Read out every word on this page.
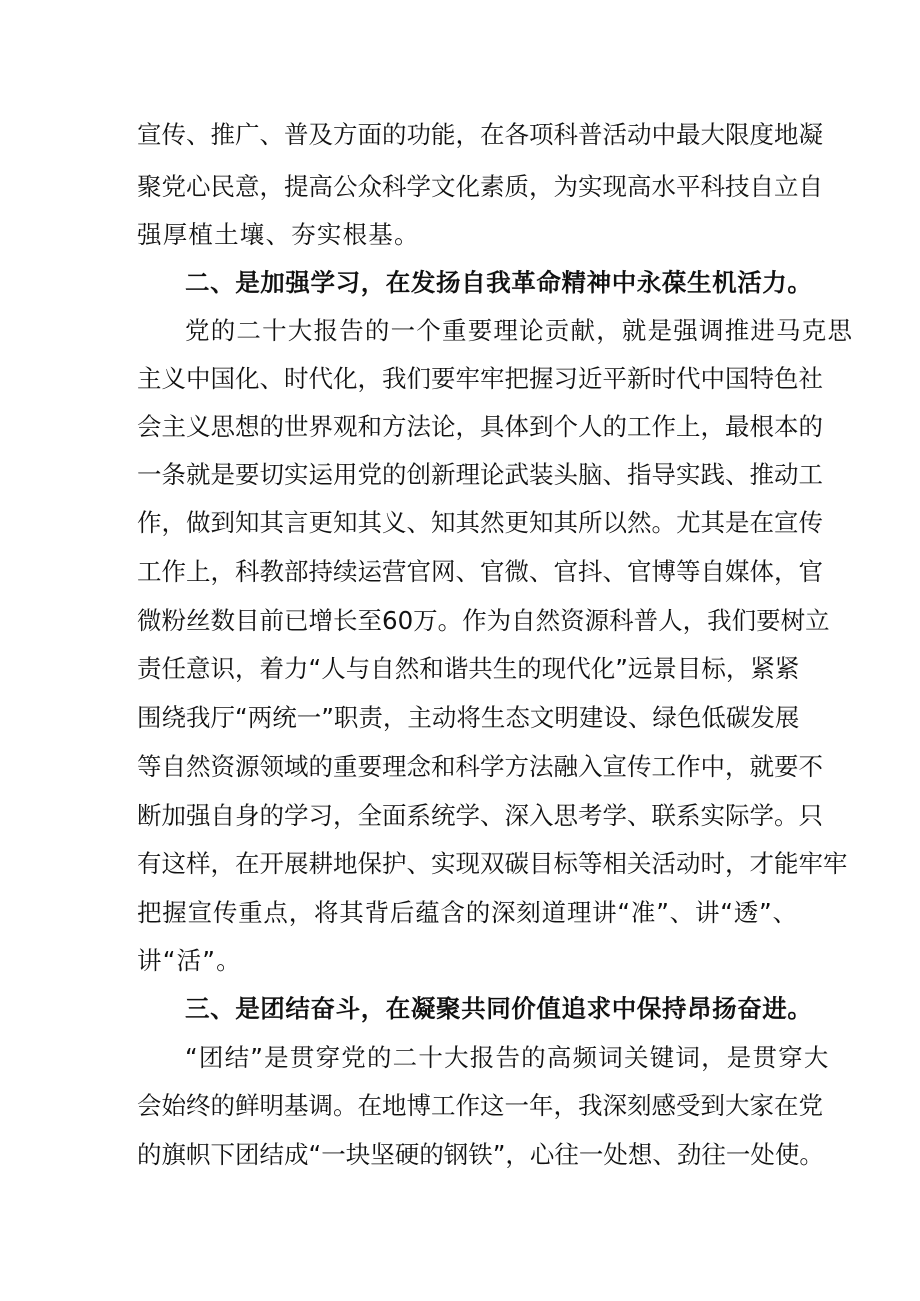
宣传、推广、普及方面的功能，在各项科普活动中最大限度地凝
聚党心民意，提高公众科学文化素质，为实现高水平科技自立自
强厚植土壤、夯实根基。
二、是加强学习，在发扬自我革命精神中永葆生机活力。
党的二十大报告的一个重要理论贡献，就是强调推进马克思
主义中国化、时代化，我们要牢牢把握习近平新时代中国特色社
会主义思想的世界观和方法论，具体到个人的工作上，最根本的
一条就是要切实运用党的创新理论武装头脑、指导实践、推动工
作，做到知其言更知其义、知其然更知其所以然。尤其是在宣传
工作上，科教部持续运营官网、官微、官抖、官博等自媒体，官
微粉丝数目前已增长至60万。作为自然资源科普人，我们要树立
责任意识，着力“人与自然和谐共生的现代化”远景目标，紧紧
围绕我厅“两统一”职责，主动将生态文明建设、绿色低碳发展
等自然资源领域的重要理念和科学方法融入宣传工作中，就要不
断加强自身的学习，全面系统学、深入思考学、联系实际学。只
有这样，在开展耕地保护、实现双碳目标等相关活动时，才能牢牢
把握宣传重点，将其背后蕴含的深刻道理讲“准”、讲“透”、
讲“活”。
三、是团结奋斗，在凝聚共同价值追求中保持昂扬奋进。
“团结”是贯穿党的二十大报告的高频词关键词，是贯穿大
会始终的鲜明基调。在地博工作这一年，我深刻感受到大家在党
的旗帜下团结成“一块坚硬的钢铁”，心往一处想、劲往一处使。
